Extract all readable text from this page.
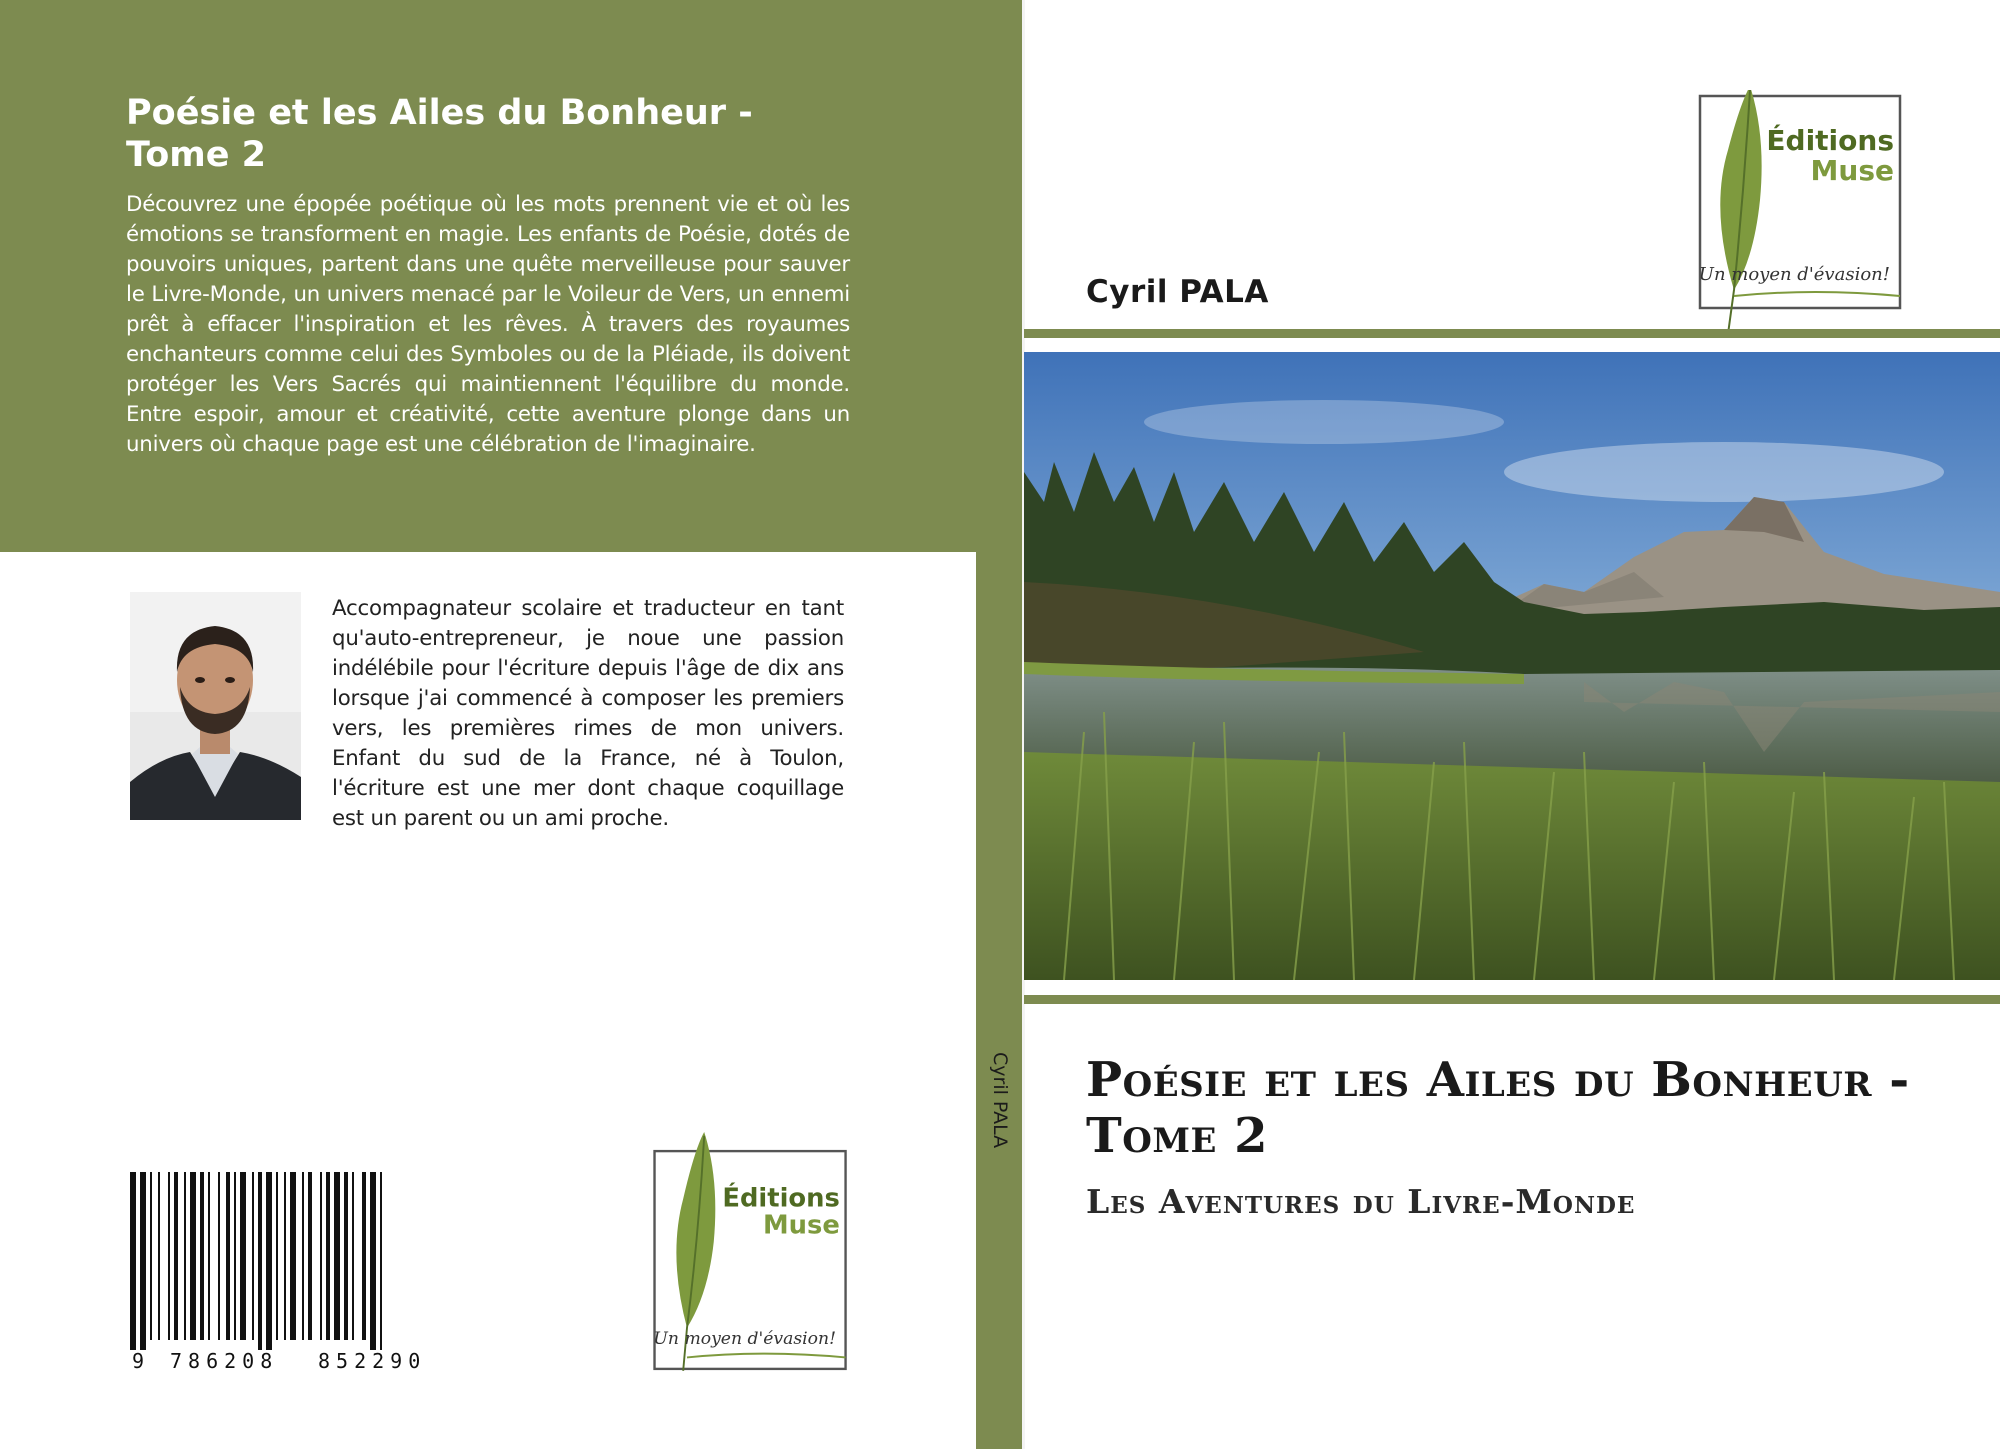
Poésie et les Ailes du Bonheur - Tome 2

Découvrez une épopée poétique où les mots prennent vie et où les émotions se transforment en magie. Les enfants de Poésie, dotés de pouvoirs uniques, partent dans une quête merveilleuse pour sauver le Livre-Monde, un univers menacé par le Voileur de Vers, un ennemi prêt à effacer l'inspiration et les rêves. À travers des royaumes enchanteurs comme celui des Symboles ou de la Pléiade, ils doivent protéger les Vers Sacrés qui maintiennent l'équilibre du monde. Entre espoir, amour et créativité, cette aventure plonge dans un univers où chaque page est une célébration de l'imaginaire.

Accompagnateur scolaire et traducteur en tant qu'auto-entrepreneur, je noue une passion indélébile pour l'écriture depuis l'âge de dix ans lorsque j'ai commencé à composer les premiers vers, les premières rimes de mon univers. Enfant du sud de la France, né à Toulon, l'écriture est une mer dont chaque coquillage est un parent ou un ami proche.

9 786208 852290
Éditions
Muse
Un moyen d'évasion!
Cyril PALA
Cyril PALA
Éditions
Muse
Un moyen d'évasion!
Poésie et les Ailes du Bonheur - Tome 2
Les Aventures du Livre-Monde
